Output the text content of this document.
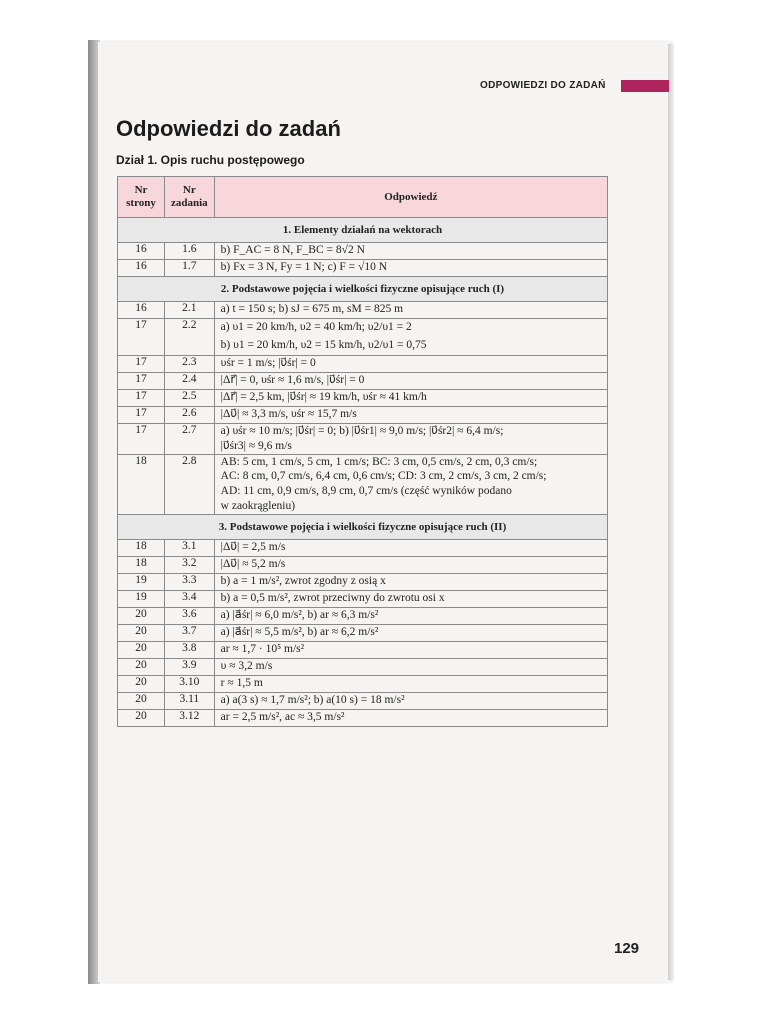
ODPOWIEDZI DO ZADAŃ
Odpowiedzi do zadań
Dział 1. Opis ruchu postępowego
Nr strony	Nr zadania	Odpowiedź
1. Elementy działań na wektorach		
16	1.6	b) F_AC = 8 N, F_BC = 8√2 N
16	1.7	b) Fx = 3 N, Fy = 1 N; c) F = √10 N
2. Podstawowe pojęcia i wielkości fizyczne opisujące ruch (I)		
16	2.1	a) t = 150 s; b) sJ = 675 m, sM = 825 m
17	2.2	a) υ1 = 20 km/h, υ2 = 40 km/h; υ2/υ1 = 2
b) υ1 = 20 km/h, υ2 = 15 km/h, υ2/υ1 = 0,75
17	2.3	υśr = 1 m/s; |υ⃗śr| = 0
17	2.4	|Δr⃗| = 0, υśr ≈ 1,6 m/s, |υ⃗śr| = 0
17	2.5	|Δr⃗| = 2,5 km, |υ⃗śr| ≈ 19 km/h, υśr ≈ 41 km/h
17	2.6	|Δυ⃗| ≈ 3,3 m/s, υśr ≈ 15,7 m/s
17	2.7	a) υśr ≈ 10 m/s; |υ⃗śr| = 0; b) |υ⃗śr1| ≈ 9,0 m/s; |υ⃗śr2| ≈ 6,4 m/s;
|υ⃗śr3| ≈ 9,6 m/s
18	2.8	AB: 5 cm, 1 cm/s, 5 cm, 1 cm/s; BC: 3 cm, 0,5 cm/s, 2 cm, 0,3 cm/s;
AC: 8 cm, 0,7 cm/s, 6,4 cm, 0,6 cm/s; CD: 3 cm, 2 cm/s, 3 cm, 2 cm/s;
AD: 11 cm, 0,9 cm/s, 8,9 cm, 0,7 cm/s (część wyników podano
w zaokrągleniu)
3. Podstawowe pojęcia i wielkości fizyczne opisujące ruch (II)		
18	3.1	|Δυ⃗| = 2,5 m/s
18	3.2	|Δυ⃗| ≈ 5,2 m/s
19	3.3	b) a = 1 m/s², zwrot zgodny z osią x
19	3.4	b) a = 0,5 m/s², zwrot przeciwny do zwrotu osi x
20	3.6	a) |a⃗śr| ≈ 6,0 m/s², b) ar ≈ 6,3 m/s²
20	3.7	a) |a⃗śr| ≈ 5,5 m/s², b) ar ≈ 6,2 m/s²
20	3.8	ar ≈ 1,7 · 10⁵ m/s²
20	3.9	υ ≈ 3,2 m/s
20	3.10	r ≈ 1,5 m
20	3.11	a) a(3 s) ≈ 1,7 m/s²; b) a(10 s) = 18 m/s²
20	3.12	ar = 2,5 m/s², ac ≈ 3,5 m/s²
129
